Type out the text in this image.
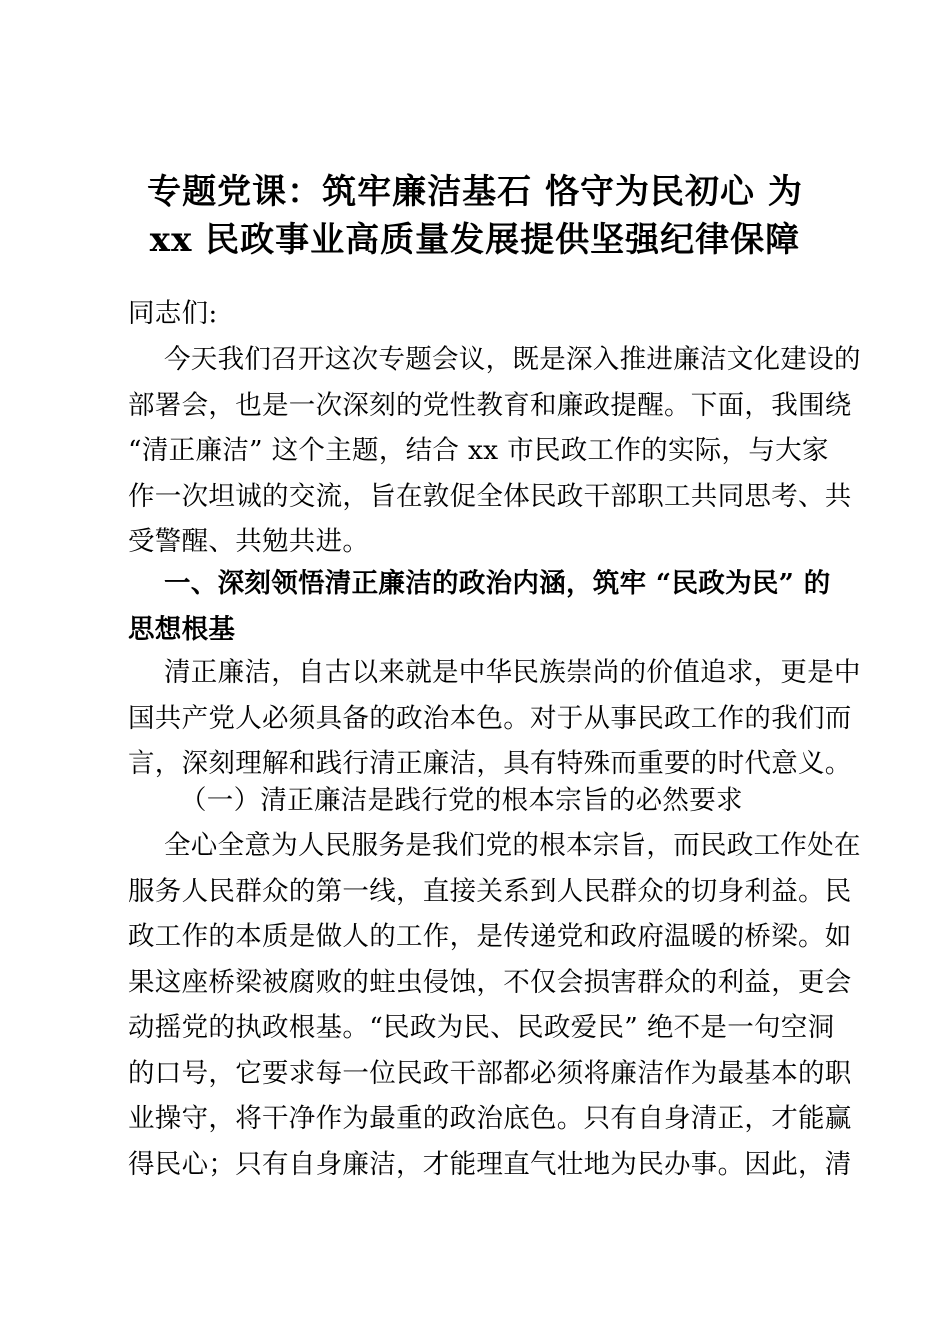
专题党课：筑牢廉洁基石 恪守为民初心 为
xx 民政事业高质量发展提供坚强纪律保障
同志们:
今天我们召开这次专题会议，既是深入推进廉洁文化建设的
部署会，也是一次深刻的党性教育和廉政提醒。下面，我围绕
“清正廉洁” 这个主题，结合 xx 市民政工作的实际，与大家
作一次坦诚的交流，旨在敦促全体民政干部职工共同思考、共
受警醒、共勉共进。
一、深刻领悟清正廉洁的政治内涵，筑牢 “民政为民” 的
思想根基
清正廉洁，自古以来就是中华民族崇尚的价值追求，更是中
国共产党人必须具备的政治本色。对于从事民政工作的我们而
言，深刻理解和践行清正廉洁，具有特殊而重要的时代意义。
（一）清正廉洁是践行党的根本宗旨的必然要求
全心全意为人民服务是我们党的根本宗旨，而民政工作处在
服务人民群众的第一线，直接关系到人民群众的切身利益。民
政工作的本质是做人的工作，是传递党和政府温暖的桥梁。如
果这座桥梁被腐败的蛀虫侵蚀，不仅会损害群众的利益，更会
动摇党的执政根基。“民政为民、民政爱民” 绝不是一句空洞
的口号，它要求每一位民政干部都必须将廉洁作为最基本的职
业操守，将干净作为最重的政治底色。只有自身清正，才能赢
得民心；只有自身廉洁，才能理直气壮地为民办事。因此，清
